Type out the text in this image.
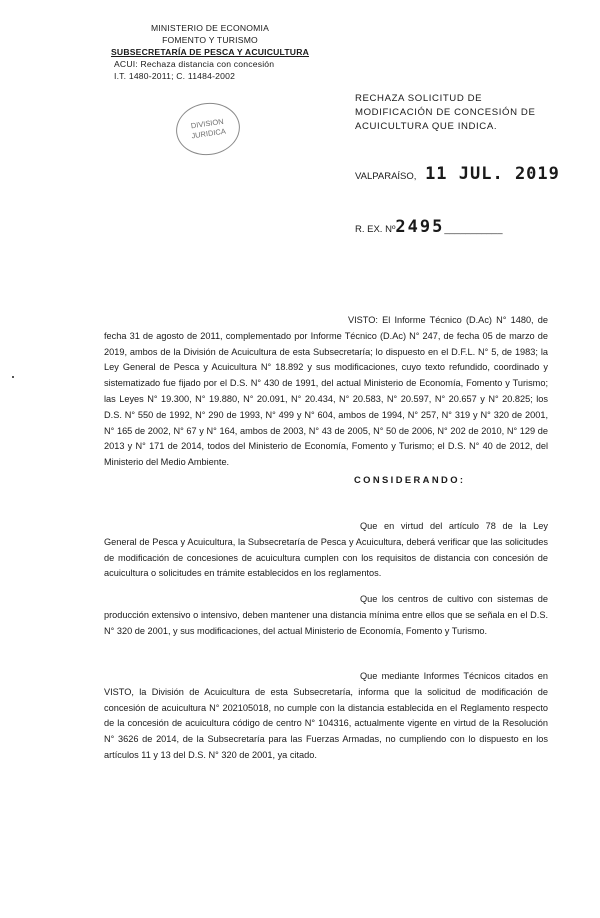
MINISTERIO DE ECONOMIA
FOMENTO Y TURISMO
SUBSECRETARÍA DE PESCA Y ACUICULTURA
ACUI: Rechaza distancia con concesión
I.T. 1480-2011; C. 11484-2002
DIVISION
JURIDICA
RECHAZA SOLICITUD DE MODIFICACIÓN DE CONCESIÓN DE ACUICULTURA QUE INDICA.
VALPARAÍSO, 11 JUL. 2019
R. EX. Nº2495___________
VISTO: El Informe Técnico (D.Ac) N° 1480, de fecha 31 de agosto de 2011, complementado por Informe Técnico (D.Ac) N° 247, de fecha 05 de marzo de 2019, ambos de la División de Acuicultura de esta Subsecretaría; lo dispuesto en el D.F.L. N° 5, de 1983; la Ley General de Pesca y Acuicultura N° 18.892 y sus modificaciones, cuyo texto refundido, coordinado y sistematizado fue fijado por el D.S. N° 430 de 1991, del actual Ministerio de Economía, Fomento y Turismo; las Leyes N° 19.300, N° 19.880, N° 20.091, N° 20.434, N° 20.583, N° 20.597, N° 20.657 y N° 20.825; los D.S. N° 550 de 1992, N° 290 de 1993, N° 499 y N° 604, ambos de 1994, N° 257, N° 319 y N° 320 de 2001, N° 165 de 2002, N° 67 y N° 164, ambos de 2003, N° 43 de 2005, N° 50 de 2006, N° 202 de 2010, N° 129 de 2013 y N° 171 de 2014, todos del Ministerio de Economía, Fomento y Turismo; el D.S. N° 40 de 2012, del Ministerio del Medio Ambiente.
CONSIDERANDO:
Que en virtud del artículo 78 de la Ley General de Pesca y Acuicultura, la Subsecretaría de Pesca y Acuicultura, deberá verificar que las solicitudes de modificación de concesiones de acuicultura cumplen con los requisitos de distancia con concesión de acuicultura o solicitudes en trámite establecidos en los reglamentos.
Que los centros de cultivo con sistemas de producción extensivo o intensivo, deben mantener una distancia mínima entre ellos que se señala en el D.S. N° 320 de 2001, y sus modificaciones, del actual Ministerio de Economía, Fomento y Turismo.
Que mediante Informes Técnicos citados en VISTO, la División de Acuicultura de esta Subsecretaría, informa que la solicitud de modificación de concesión de acuicultura N° 202105018, no cumple con la distancia establecida en el Reglamento respecto de la concesión de acuicultura código de centro N° 104316, actualmente vigente en virtud de la Resolución N° 3626 de 2014, de la Subsecretaría para las Fuerzas Armadas, no cumpliendo con lo dispuesto en los artículos 11 y 13 del D.S. N° 320 de 2001, ya citado.
